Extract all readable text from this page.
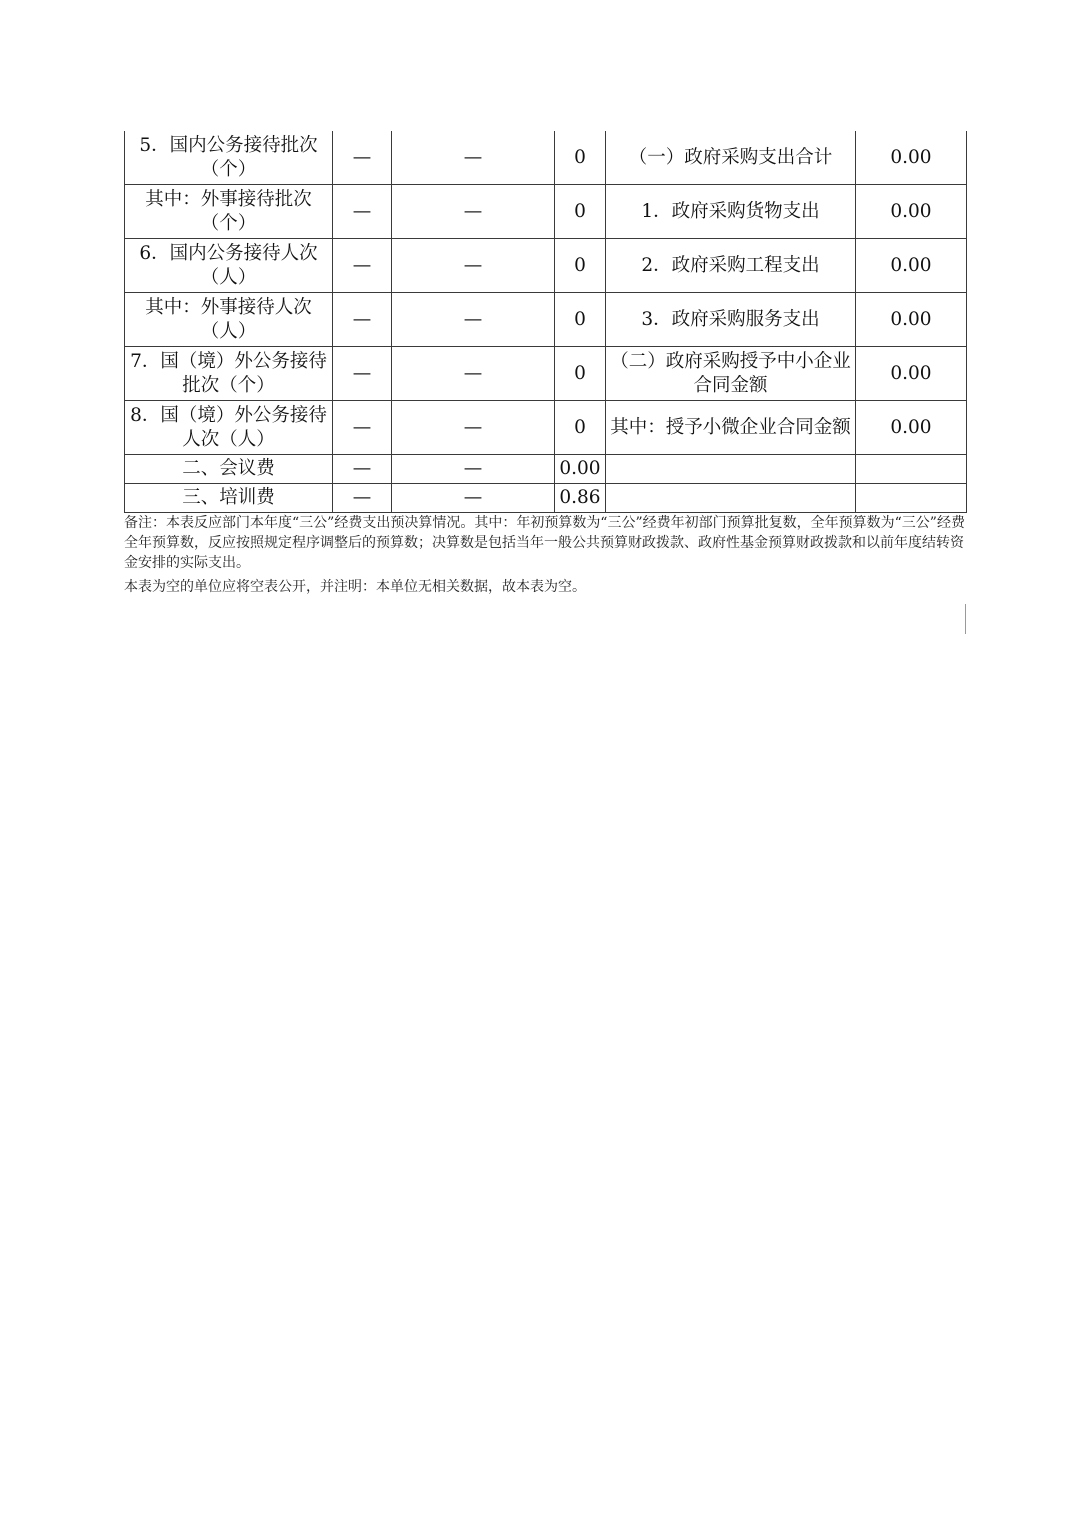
5．国内公务接待批次（个）	—	—	0	（一）政府采购支出合计	0.00
其中：外事接待批次（个）	—	—	0	1．政府采购货物支出	0.00
6．国内公务接待人次（人）	—	—	0	2．政府采购工程支出	0.00
其中：外事接待人次（人）	—	—	0	3．政府采购服务支出	0.00
7．国（境）外公务接待批次（个）	—	—	0	（二）政府采购授予中小企业合同金额	0.00
8．国（境）外公务接待人次（人）	—	—	0	其中：授予小微企业合同金额	0.00
二、会议费	—	—	0.00		
三、培训费	—	—	0.86		

备注：本表反应部门本年度“三公”经费支出预决算情况。其中：年初预算数为“三公”经费年初部门预算批复数，全年预算数为“三公”经费全年预算数，反应按照规定程序调整后的预算数；决算数是包括当年一般公共预算财政拨款、政府性基金预算财政拨款和以前年度结转资金安排的实际支出。

本表为空的单位应将空表公开，并注明：本单位无相关数据，故本表为空。
